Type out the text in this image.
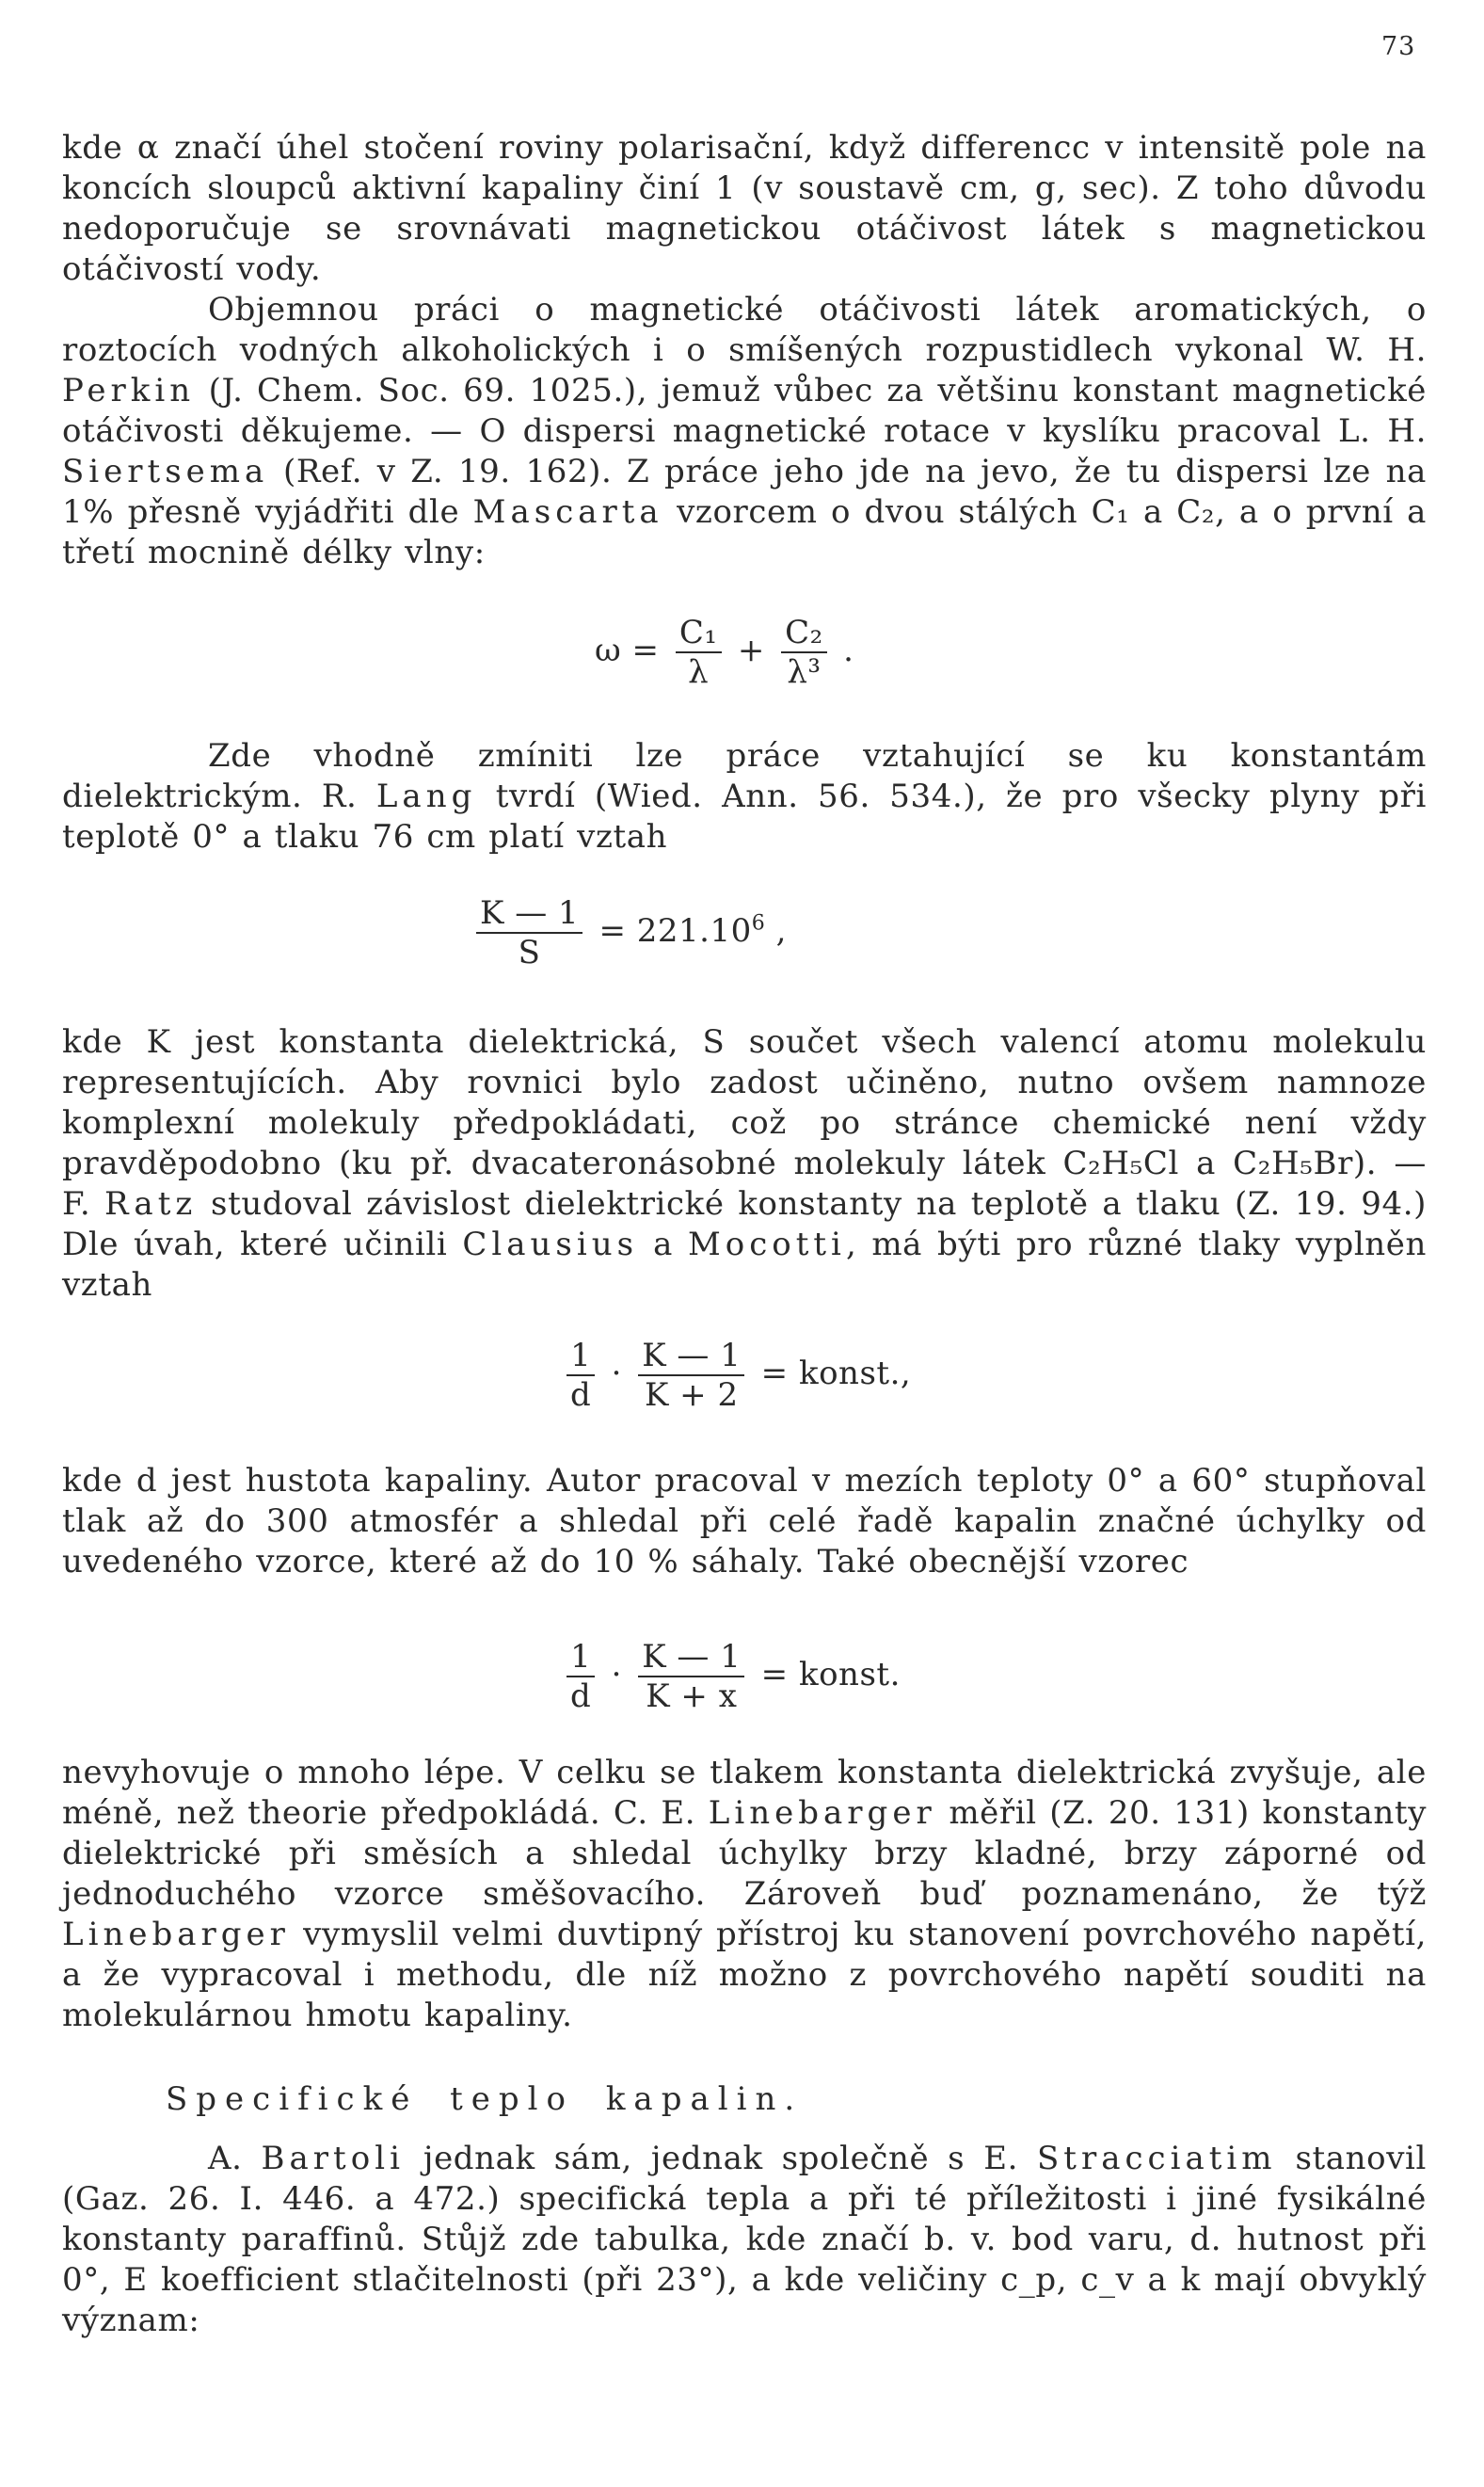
73
kde α značí úhel stočení roviny polarisační, když differencc v intensitě pole na koncích sloupců aktivní kapaliny činí 1 (v soustavě cm, g, sec). Z toho důvodu nedoporučuje se srovnávati magnetickou otáčivost látek s magnetickou otáčivostí vody.
Objemnou práci o magnetické otáčivosti látek aromatických, o roztocích vodných alkoholických i o smíšených rozpustidlech vykonal W. H. Perkin (J. Chem. Soc. 69. 1025.), jemuž vůbec za většinu konstant magnetické otáčivosti děkujeme. — O dispersi magnetické rotace v kyslíku pracoval L. H. Siertsema (Ref. v Z. 19. 162). Z práce jeho jde na jevo, že tu dispersi lze na 1% přesně vyjádřiti dle Mascarta vzorcem o dvou stálých C₁ a C₂, a o první a třetí mocnině délky vlny:
$\omega = \frac{\text{C₁}}{\lambda} + \frac{\text{C₂}}{\text{λ³}}$ .
Zde vhodně zmíniti lze práce vztahující se ku konstantám dielektrickým. R. Lang tvrdí (Wied. Ann. 56. 534.), že pro všecky plyny při teplotě 0° a tlaku 76 cm platí vztah
$\frac{K — 1}{S} = 221.10^6$ ,
kde K jest konstanta dielektrická, S součet všech valencí atomu molekulu representujících. Aby rovnici bylo zadost učiněno, nutno ovšem namnoze komplexní molekuly předpokládati, což po stránce chemické není vždy pravděpodobno (ku př. dvacateronásobné molekuly látek C₂H₅Cl a C₂H₅Br). — F. Ratz studoval závislost dielektrické konstanty na teplotě a tlaku (Z. 19. 94.) Dle úvah, které učinili Clausius a Mocotti, má býti pro různé tlaky vyplněn vztah
$\frac{1}{d} \cdot \frac{K — 1}{K + 2}$ = konst.,
kde d jest hustota kapaliny. Autor pracoval v mezích teploty 0° a 60° stupňoval tlak až do 300 atmosfér a shledal při celé řadě kapalin značné úchylky od uvedeného vzorce, které až do 10 % sáhaly. Také obecnější vzorec
$\frac{1}{d} \cdot \frac{K — 1}{K + x}$ = konst.
nevyhovuje o mnoho lépe. V celku se tlakem konstanta dielektrická zvyšuje, ale méně, než theorie předpokládá. C. E. Linebarger měřil (Z. 20. 131) konstanty dielektrické při směsích a shledal úchylky brzy kladné, brzy záporné od jednoduchého vzorce směšovacího. Zároveň buď poznamenáno, že týž Linebarger vymyslil velmi duvtipný přístroj ku stanovení povrchového napětí, a že vypracoval i methodu, dle níž možno z povrchového napětí souditi na molekulárnou hmotu kapaliny.
Specifické teplo kapalin.
A. Bartoli jednak sám, jednak společně s E. Stracciatim stanovil (Gaz. 26. I. 446. a 472.) specifická tepla a při té příležitosti i jiné fysikálné konstanty paraffinů. Stůjž zde tabulka, kde značí b. v. bod varu, d. hutnost při 0°, E koefficient stlačitelnosti (při 23°), a kde veličiny c_p, c_v a k mají obvyklý význam:
